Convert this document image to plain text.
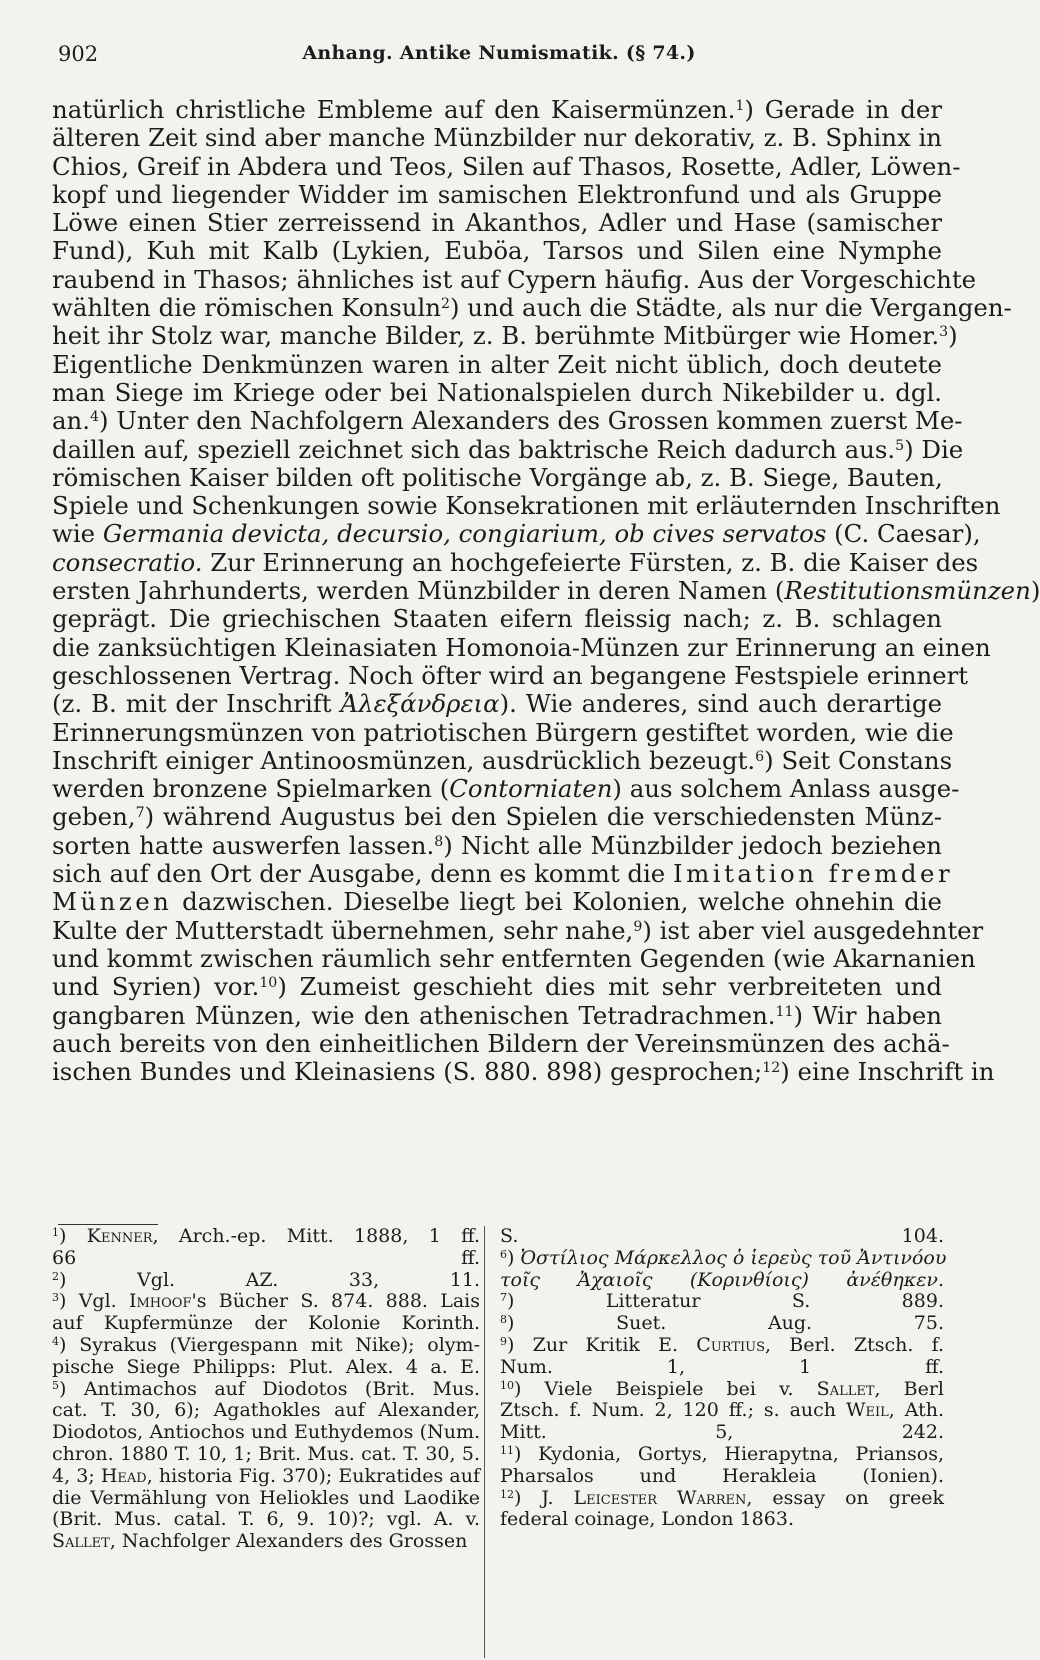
902	Anhang. Antike Numismatik. (§ 74.)
natürlich christliche Embleme auf den Kaisermünzen.$^1$) Gerade in der
älteren Zeit sind aber manche Münzbilder nur dekorativ, z. B. Sphinx in
Chios, Greif in Abdera und Teos, Silen auf Thasos, Rosette, Adler, Löwen-
kopf und liegender Widder im samischen Elektronfund und als Gruppe
Löwe einen Stier zerreissend in Akanthos, Adler und Hase (samischer
Fund), Kuh mit Kalb (Lykien, Euböa, Tarsos und Silen eine Nymphe
raubend in Thasos; ähnliches ist auf Cypern häufig. Aus der Vorgeschichte
wählten die römischen Konsuln$^2$) und auch die Städte, als nur die Vergangen-
heit ihr Stolz war, manche Bilder, z. B. berühmte Mitbürger wie Homer.$^3$)
Eigentliche Denkmünzen waren in alter Zeit nicht üblich, doch deutete
man Siege im Kriege oder bei Nationalspielen durch Nikebilder u. dgl.
an.$^4$) Unter den Nachfolgern Alexanders des Grossen kommen zuerst Me-
daillen auf, speziell zeichnet sich das baktrische Reich dadurch aus.$^5$) Die
römischen Kaiser bilden oft politische Vorgänge ab, z. B. Siege, Bauten,
Spiele und Schenkungen sowie Konsekrationen mit erläuternden Inschriften
wie Germania devicta, decursio, congiarium, ob cives servatos (C. Caesar),
consecratio. Zur Erinnerung an hochgefeierte Fürsten, z. B. die Kaiser des
ersten Jahrhunderts, werden Münzbilder in deren Namen (Restitutionsmünzen)
geprägt. Die griechischen Staaten eifern fleissig nach; z. B. schlagen
die zanksüchtigen Kleinasiaten Homonoia-Münzen zur Erinnerung an einen
geschlossenen Vertrag. Noch öfter wird an begangene Festspiele erinnert
(z. B. mit der Inschrift Ἀλεξάνδρεια). Wie anderes, sind auch derartige
Erinnerungsmünzen von patriotischen Bürgern gestiftet worden, wie die
Inschrift einiger Antinoosmünzen, ausdrücklich bezeugt.$^6$) Seit Constans
werden bronzene Spielmarken (Contorniaten) aus solchem Anlass ausge-
geben,$^7$) während Augustus bei den Spielen die verschiedensten Münz-
sorten hatte auswerfen lassen.$^8$) Nicht alle Münzbilder jedoch beziehen
sich auf den Ort der Ausgabe, denn es kommt die Imitation fremder
Münzen dazwischen. Dieselbe liegt bei Kolonien, welche ohnehin die
Kulte der Mutterstadt übernehmen, sehr nahe,$^9$) ist aber viel ausgedehnter
und kommt zwischen räumlich sehr entfernten Gegenden (wie Akarnanien
und Syrien) vor.$^{10}$) Zumeist geschieht dies mit sehr verbreiteten und
gangbaren Münzen, wie den athenischen Tetradrachmen.$^{11}$) Wir haben
auch bereits von den einheitlichen Bildern der Vereinsmünzen des achä-
ischen Bundes und Kleinasiens (S. 880. 898) gesprochen;$^{12}$) eine Inschrift in
$^1$) Kenner, Arch.-ep. Mitt. 1888, 1 ff.
66 ff.
$^2$) Vgl. AZ. 33, 11.
$^3$) Vgl. Imhoof's Bücher S. 874. 888. Lais
auf Kupfermünze der Kolonie Korinth.
$^4$) Syrakus (Viergespann mit Nike); olym-
pische Siege Philipps: Plut. Alex. 4 a. E.
$^5$) Antimachos auf Diodotos (Brit. Mus.
cat. T. 30, 6); Agathokles auf Alexander,
Diodotos, Antiochos und Euthydemos (Num.
chron. 1880 T. 10, 1; Brit. Mus. cat. T. 30, 5.
4, 3; Head, historia Fig. 370); Eukratides auf
die Vermählung von Heliokles und Laodike
(Brit. Mus. catal. T. 6, 9. 10)?; vgl. A. v.
Sallet, Nachfolger Alexanders des Grossen
S. 104.
$^6$) Ὀστίλιος Μάρκελλος ὁ ἱερεὺς τοῦ Ἀντινόου
τοῖς Ἀχαιοῖς (Κορινθίοις) ἀνέθηκεν.
$^7$) Litteratur S. 889.
$^8$) Suet. Aug. 75.
$^9$) Zur Kritik E. Curtius, Berl. Ztsch. f.
Num. 1, 1 ff.
$^{10}$) Viele Beispiele bei v. Sallet, Berl
Ztsch. f. Num. 2, 120 ff.; s. auch Weil, Ath.
Mitt. 5, 242.
$^{11}$) Kydonia, Gortys, Hierapytna, Priansos,
Pharsalos und Herakleia (Ionien).
$^{12}$) J. Leicester Warren, essay on greek
federal coinage, London 1863.
